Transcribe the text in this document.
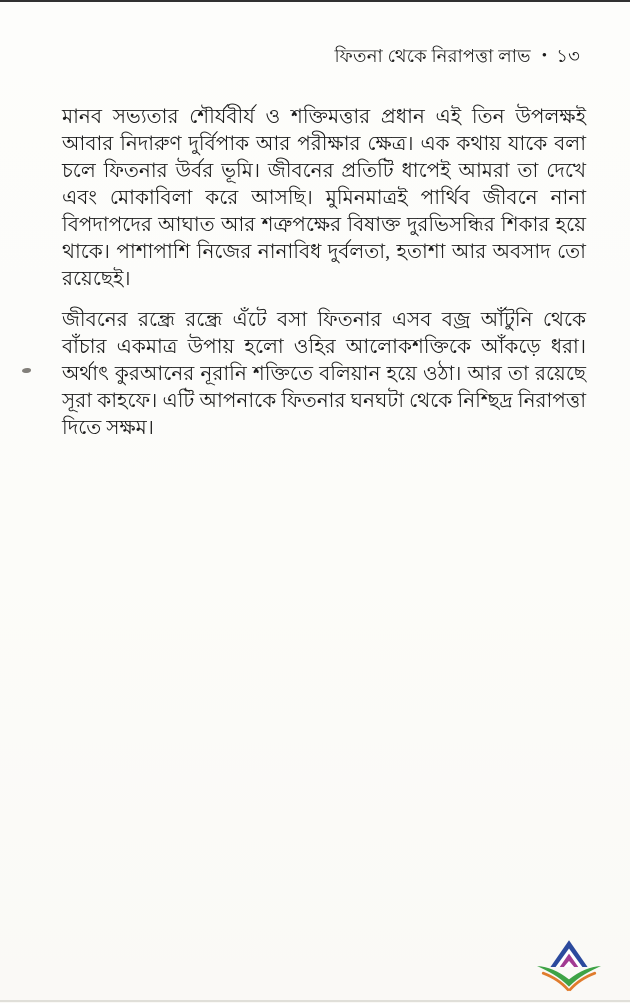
ফিতনা থেকে নিরাপত্তা লাভ • ১৩

মানব সভ্যতার শৌর্যবীর্য ও শক্তিমত্তার প্রধান এই তিন উপলক্ষই আবার নিদারুণ দুর্বিপাক আর পরীক্ষার ক্ষেত্র। এক কথায় যাকে বলা চলে ফিতনার উর্বর ভূমি। জীবনের প্রতিটি ধাপেই আমরা তা দেখে এবং মোকাবিলা করে আসছি। মুমিনমাত্রই পার্থিব জীবনে নানা বিপদাপদের আঘাত আর শত্রুপক্ষের বিষাক্ত দুরভিসন্ধির শিকার হয়ে থাকে। পাশাপাশি নিজের নানাবিধ দুর্বলতা, হতাশা আর অবসাদ তো রয়েছেই।

জীবনের রন্ধ্রে রন্ধ্রে এঁটে বসা ফিতনার এসব বজ্র আঁটুনি থেকে বাঁচার একমাত্র উপায় হলো ওহির আলোকশক্তিকে আঁকড়ে ধরা। অর্থাৎ কুরআনের নূরানি শক্তিতে বলিয়ান হয়ে ওঠা। আর তা রয়েছে সূরা কাহফে। এটি আপনাকে ফিতনার ঘনঘটা থেকে নিশ্ছিদ্র নিরাপত্তা দিতে সক্ষম।
